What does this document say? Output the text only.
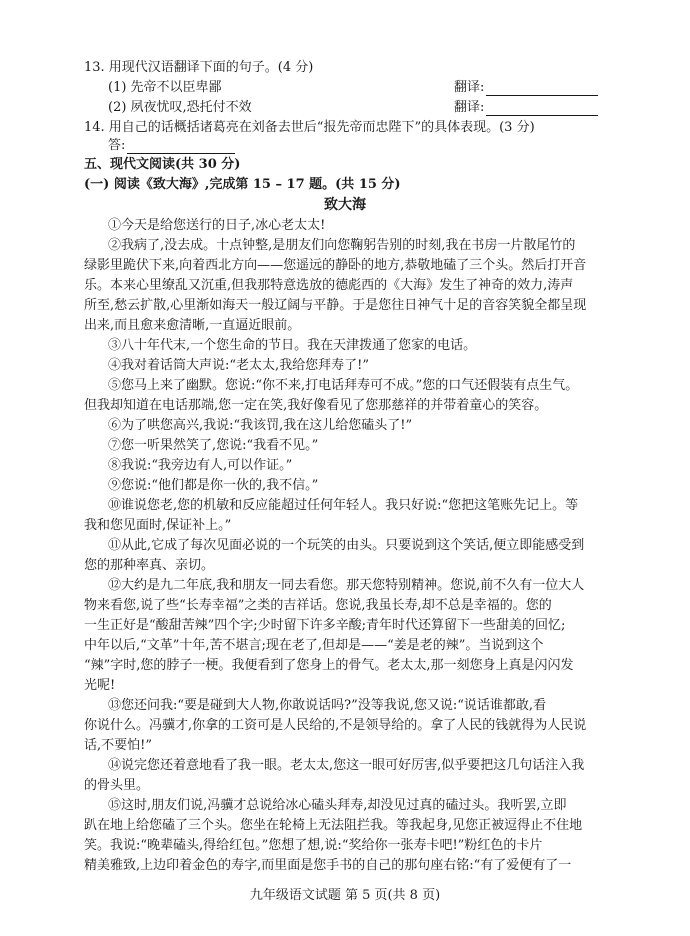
13. 用现代汉语翻译下面的句子。(4 分)
(1) 先帝不以臣卑鄙	翻译:
(2) 夙夜忧叹,恐托付不效	翻译:
14. 用自己的话概括诸葛亮在刘备去世后“报先帝而忠陛下”的具体表现。(3 分)
答:
五、现代文阅读(共 30 分)
(一) 阅读《致大海》,完成第 15 – 17 题。(共 15 分)
致大海
①今天是给您送行的日子,冰心老太太!
②我病了,没去成。十点钟整,是朋友们向您鞠躬告别的时刻,我在书房一片散尾竹的
绿影里跪伏下来,向着西北方向——您遥远的静卧的地方,恭敬地磕了三个头。然后打开音
乐。本来心里缭乱又沉重,但我那特意选放的德彪西的《大海》发生了神奇的效力,涛声
所至,愁云扩散,心里渐如海天一般辽阔与平静。于是您往日神气十足的音容笑貌全都呈现
出来,而且愈来愈清晰,一直逼近眼前。
③八十年代末,一个您生命的节日。我在天津拨通了您家的电话。
④我对着话筒大声说:“老太太,我给您拜寿了!”
⑤您马上来了幽默。您说:“你不来,打电话拜寿可不成。”您的口气还假装有点生气。
但我却知道在电话那端,您一定在笑,我好像看见了您那慈祥的并带着童心的笑容。
⑥为了哄您高兴,我说:“我该罚,我在这儿给您磕头了!”
⑦您一听果然笑了,您说:“我看不见。”
⑧我说:“我旁边有人,可以作证。”
⑨您说:“他们都是你一伙的,我不信。”
⑩谁说您老,您的机敏和反应能超过任何年轻人。我只好说:“您把这笔账先记上。等
我和您见面时,保证补上。”
⑪从此,它成了每次见面必说的一个玩笑的由头。只要说到这个笑话,便立即能感受到
您的那种率真、亲切。
⑫大约是九二年底,我和朋友一同去看您。那天您特别精神。您说,前不久有一位大人
物来看您,说了些“长寿幸福”之类的吉祥话。您说,我虽长寿,却不总是幸福的。您的
一生正好是“酸甜苦辣”四个字;少时留下许多辛酸;青年时代还算留下一些甜美的回忆;
中年以后,“文革”十年,苦不堪言;现在老了,但却是——“姜是老的辣”。当说到这个
“辣”字时,您的脖子一梗。我便看到了您身上的骨气。老太太,那一刻您身上真是闪闪发
光呢!
⑬您还问我:“要是碰到大人物,你敢说话吗?”没等我说,您又说:“说话谁都敢,看
你说什么。冯骥才,你拿的工资可是人民给的,不是领导给的。拿了人民的钱就得为人民说
话,不要怕!”
⑭说完您还着意地看了我一眼。老太太,您这一眼可好厉害,似乎要把这几句话注入我
的骨头里。
⑮这时,朋友们说,冯骥才总说给冰心磕头拜寿,却没见过真的磕过头。我听罢,立即
趴在地上给您磕了三个头。您坐在轮椅上无法阻拦我。等我起身,见您正被逗得止不住地
笑。我说:“晚辈磕头,得给红包。”您想了想,说:“奖给你一张寿卡吧!”粉红色的卡片
精美雅致,上边印着金色的寿字,而里面是您手书的自己的那句座右铭:“有了爱便有了一
九年级语文试题 第 5 页(共 8 页)
